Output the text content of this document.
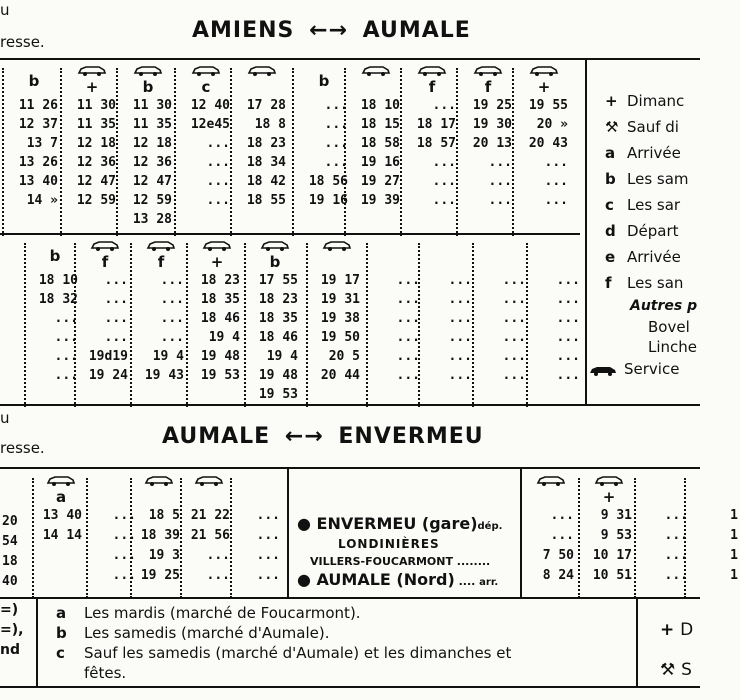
u
resse.	AMIENS ←→ AUMALE
b
11 26
12 37
13 7
13 26
13 40
14 »
+
11 30
11 35
12 18
12 36
12 47
12 59
b
11 30
11 35
12 18
12 36
12 47
12 59
13 28
c
12 40
12e45
...
...
...
...
17 28
18 8
18 23
18 34
18 42
18 55
b
...
...
...
...
18 56
19 16
18 10
18 15
18 58
19 16
19 27
19 39
f
...
18 17
18 57
...
...
...
f
19 25
19 30
20 13
...
...
...
+
19 55
20 »
20 43
...
...
...
b
18 10
18 32
...
...
...
...
f
...
...
...
...
19d19
19 24
f
...
...
...
...
19 4
19 43
+
18 23
18 35
18 46
19 4
19 48
19 53
b
17 55
18 23
18 35
18 46
19 4
19 48
19 53
19 17
19 31
19 38
19 50
20 5
20 44
...
...
...
...
...
...
...
...
...
...
...
...
...
...
...
...
...
...
...
...
...
...
...
...
+ Dimanc
⚒ Sauf di
a Arrivée
b Les sam
c Les sar
d Départ
e Arrivée
f Les san
Autres p
Bovel
Linche
Service
u
resse.	AUMALE ←→ ENVERMEU
20
54
18
40
a
13 40
14 14
...
...
...
...
18 5
18 39
19 3
19 25
21 22
21 56
...
...
...
...
...
...
...
...
7 50
8 24
+
9 31
9 53
10 17
10 51
...
...
...
...
1
1
1
1
● ENVERMEU (gare)dép.
LONDINIÈRES
VILLERS-FOUCARMONT ........
● AUMALE (Nord) .... arr.
a Les mardis (marché de Foucarmont).
b Les samedis (marché d'Aumale).
c Sauf les samedis (marché d'Aumale) et les dimanches et
fêtes.
=)
=),
nd
+ D
⚒ S
